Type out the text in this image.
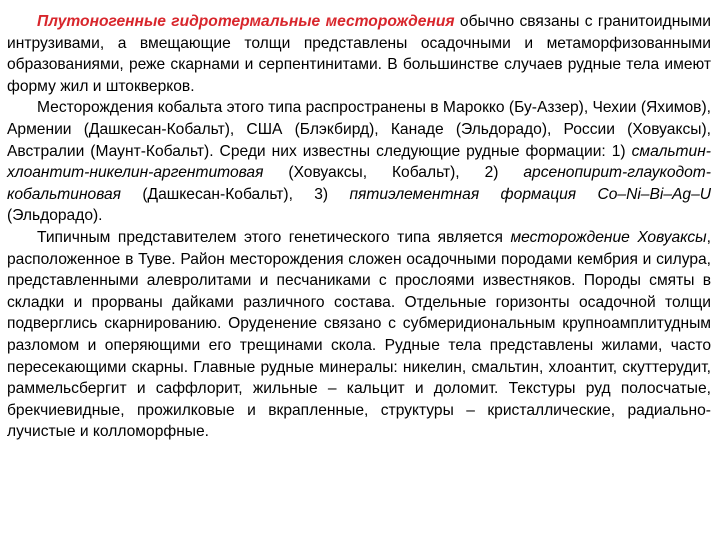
Плутоногенные гидротермальные месторождения обычно связаны с гранитоидными интрузивами, а вмещающие толщи представлены осадочными и метаморфизованными образованиями, реже скарнами и серпентинитами. В большинстве случаев рудные тела имеют форму жил и штокверков.

Месторождения кобальта этого типа распространены в Марокко (Бу-Аззер), Чехии (Яхимов), Армении (Дашкесан-Кобальт), США (Блэкбирд), Канаде (Эльдорадо), России (Ховуаксы), Австралии (Маунт-Кобальт). Среди них известны следующие рудные формации: 1) смальтин-хлоантит-никелин-аргентитовая (Ховуаксы, Кобальт), 2) арсенопирит-глаукодот-кобальтиновая (Дашкесан-Кобальт), 3) пятиэлементная формация Co–Ni–Bi–Ag–U (Эльдорадо).

Типичным представителем этого генетического типа является месторождение Ховуаксы, расположенное в Туве. Район месторождения сложен осадочными породами кембрия и силура, представленными алевролитами и песчаниками с прослоями известняков. Породы смяты в складки и прорваны дайками различного состава. Отдельные горизонты осадочной толщи подверглись скарнированию. Оруденение связано с субмеридиональным крупноамплитудным разломом и оперяющими его трещинами скола. Рудные тела представлены жилами, часто пересекающими скарны. Главные рудные минералы: никелин, смальтин, хлоантит, скуттерудит, раммельсбергит и саффлорит, жильные – кальцит и доломит. Текстуры руд полосчатые, брекчиевидные, прожилковые и вкрапленные, структуры – кристаллические, радиально-лучистые и колломорфные.
